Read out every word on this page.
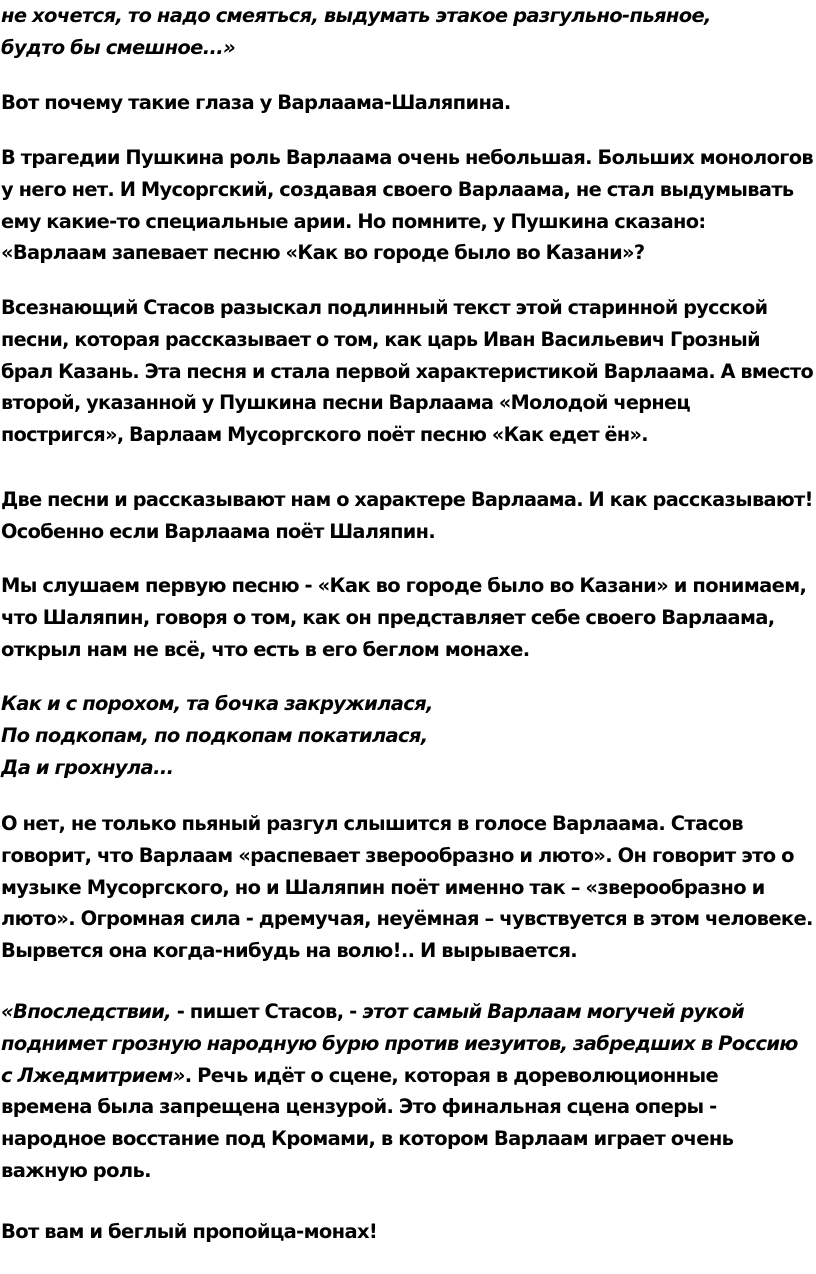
не хочется, то надо смеяться, выдумать этакое разгульно-пьяное,
будто бы смешное...»

Вот почему такие глаза у Варлаама-Шаляпина.

В трагедии Пушкина роль Варлаама очень небольшая. Больших монологов
у него нет. И Мусоргский, создавая своего Варлаама, не стал выдумывать
ему какие-то специальные арии. Но помните, у Пушкина сказано:
«Варлаам запевает песню «Как во городе было во Казани»?

Всезнающий Стасов разыскал подлинный текст этой старинной русской
песни, которая рассказывает о том, как царь Иван Васильевич Грозный
брал Казань. Эта песня и стала первой характеристикой Варлаама. А вместо
второй, указанной у Пушкина песни Варлаама «Молодой чернец
постригся», Варлаам Мусоргского поёт песню «Как едет ён».

Две песни и рассказывают нам о характере Варлаама. И как рассказывают!
Особенно если Варлаама поёт Шаляпин.

Мы слушаем первую песню - «Как во городе было во Казани» и понимаем,
что Шаляпин, говоря о том, как он представляет себе своего Варлаама,
открыл нам не всё, что есть в его беглом монахе.

Как и с порохом, та бочка закружилася,
По подкопам, по подкопам покатилася,
Да и грохнула...

О нет, не только пьяный разгул слышится в голосе Варлаама. Стасов
говорит, что Варлаам «распевает зверообразно и люто». Он говорит это о
музыке Мусоргского, но и Шаляпин поёт именно так – «зверообразно и
люто». Огромная сила - дремучая, неуёмная – чувствуется в этом человеке.
Вырвется она когда-нибудь на волю!.. И вырывается.

«Впоследствии, - пишет Стасов, - этот самый Варлаам могучей рукой
поднимет грозную народную бурю против иезуитов, забредших в Россию
с Лжедмитрием». Речь идёт о сцене, которая в дореволюционные
времена была запрещена цензурой. Это финальная сцена оперы -
народное восстание под Кромами, в котором Варлаам играет очень
важную роль.

Вот вам и беглый пропойца-монах!
